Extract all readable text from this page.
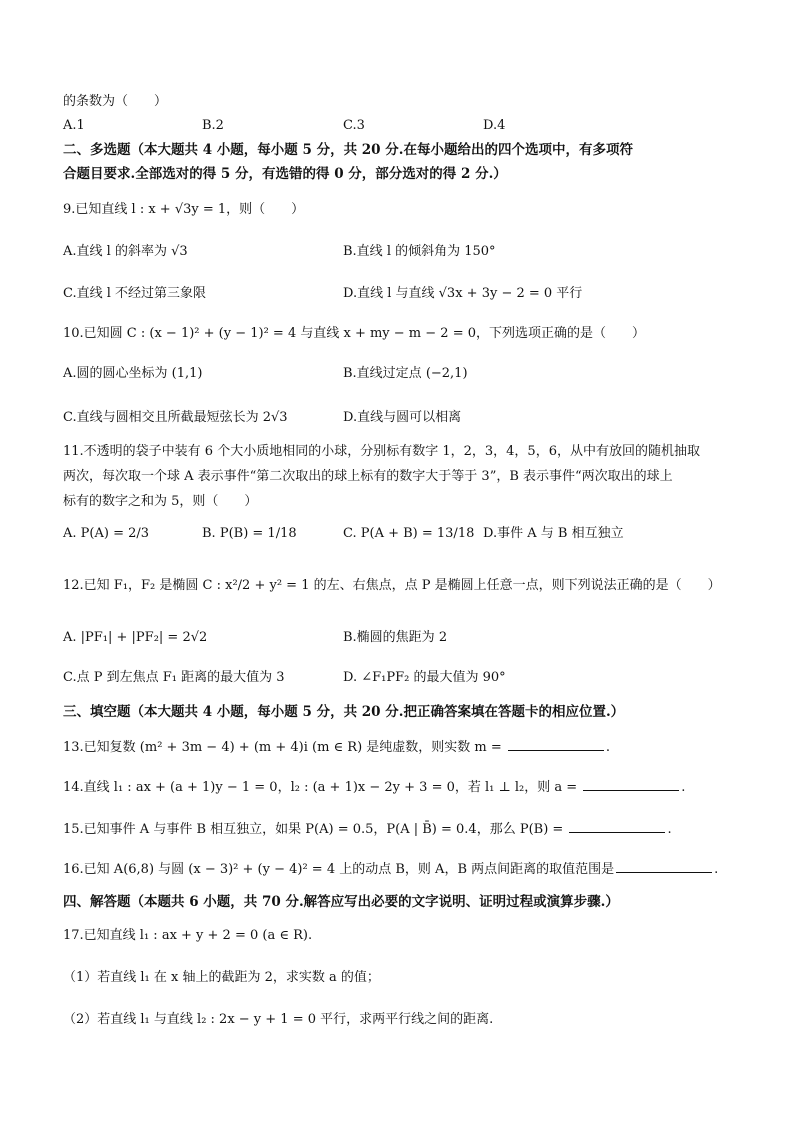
的条数为（　　）
A.1	B.2	C.3	D.4
二、多选题（本大题共 4 小题，每小题 5 分，共 20 分.在每小题给出的四个选项中，有多项符
合题目要求.全部选对的得 5 分，有选错的得 0 分，部分选对的得 2 分.）
9.已知直线 l : x + √3y = 1，则（　　）
A.直线 l 的斜率为 √3	B.直线 l 的倾斜角为 150°
C.直线 l 不经过第三象限	D.直线 l 与直线 √3x + 3y − 2 = 0 平行
10.已知圆 C : (x − 1)² + (y − 1)² = 4 与直线 x + my − m − 2 = 0，下列选项正确的是（　　）
A.圆的圆心坐标为 (1,1)	B.直线过定点 (−2,1)
C.直线与圆相交且所截最短弦长为 2√3	D.直线与圆可以相离
11.不透明的袋子中装有 6 个大小质地相同的小球，分别标有数字 1，2，3，4，5，6，从中有放回的随机抽取
两次，每次取一个球 A 表示事件“第二次取出的球上标有的数字大于等于 3”，B 表示事件“两次取出的球上
标有的数字之和为 5，则（　　）
A. P(A) = 2/3	B. P(B) = 1/18	C. P(A + B) = 13/18 D.事件 A 与 B 相互独立
12.已知 F₁，F₂ 是椭圆 C : x²/2 + y² = 1 的左、右焦点，点 P 是椭圆上任意一点，则下列说法正确的是（　　）
A. |PF₁| + |PF₂| = 2√2	B.椭圆的焦距为 2
C.点 P 到左焦点 F₁ 距离的最大值为 3	D. ∠F₁PF₂ 的最大值为 90°
三、填空题（本大题共 4 小题，每小题 5 分，共 20 分.把正确答案填在答题卡的相应位置.）
13.已知复数 (m² + 3m − 4) + (m + 4)i (m ∈ R) 是纯虚数，则实数 m =	.
14.直线 l₁ : ax + (a + 1)y − 1 = 0，l₂ : (a + 1)x − 2y + 3 = 0，若 l₁ ⊥ l₂，则 a =	.
15.已知事件 A 与事件 B 相互独立，如果 P(A) = 0.5，P(A | B̄) = 0.4，那么 P(B) =	.
16.已知 A(6,8) 与圆 (x − 3)² + (y − 4)² = 4 上的动点 B，则 A，B 两点间距离的取值范围是	.
四、解答题（本题共 6 小题，共 70 分.解答应写出必要的文字说明、证明过程或演算步骤.）
17.已知直线 l₁ : ax + y + 2 = 0 (a ∈ R).
（1）若直线 l₁ 在 x 轴上的截距为 2，求实数 a 的值；
（2）若直线 l₁ 与直线 l₂ : 2x − y + 1 = 0 平行，求两平行线之间的距离.
